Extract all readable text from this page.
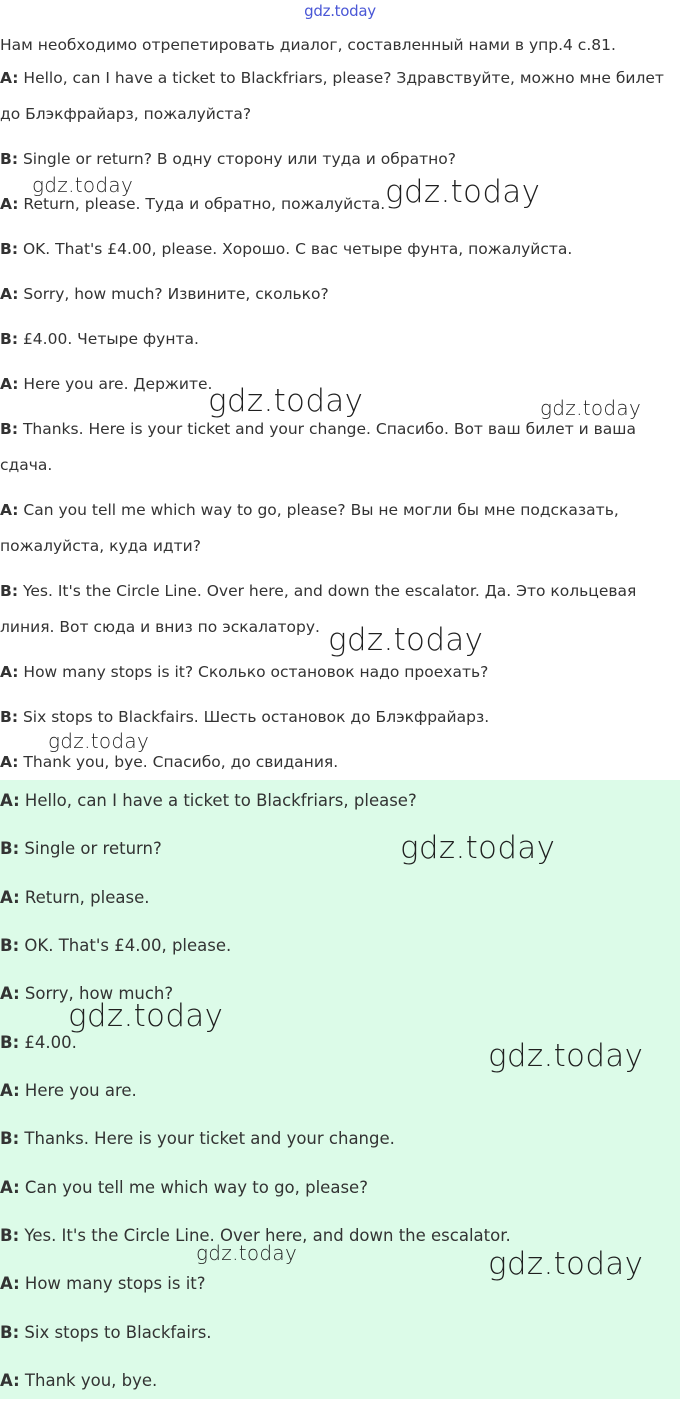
gdz.today
Нам необходимо отрепетировать диалог, составленный нами в упр.4 с.81.
A: Hello, can I have a ticket to Blackfriars, please? Здравствуйте, можно мне билет до Блэкфрайарз, пожалуйста?
B: Single or return? В одну сторону или туда и обратно?
A: Return, please. Туда и обратно, пожалуйста.
B: OK. That's £4.00, please. Хорошо. С вас четыре фунта, пожалуйста.
A: Sorry, how much? Извините, сколько?
B: £4.00. Четыре фунта.
A: Here you are. Держите.
B: Thanks. Here is your ticket and your change. Спасибо. Вот ваш билет и ваша сдача.
A: Can you tell me which way to go, please? Вы не могли бы мне подсказать, пожалуйста, куда идти?
B: Yes. It's the Circle Line. Over here, and down the escalator. Да. Это кольцевая линия. Вот сюда и вниз по эскалатору.
A: How many stops is it? Сколько остановок надо проехать?
B: Six stops to Blackfairs. Шесть остановок до Блэкфрайарз.
A: Thank you, bye. Спасибо, до свидания.
A: Hello, can I have a ticket to Blackfriars, please?
B: Single or return?
A: Return, please.
B: OK. That's £4.00, please.
A: Sorry, how much?
B: £4.00.
A: Here you are.
B: Thanks. Here is your ticket and your change.
A: Can you tell me which way to go, please?
B: Yes. It's the Circle Line. Over here, and down the escalator.
A: How many stops is it?
B: Six stops to Blackfairs.
A: Thank you, bye.
gdz.today	gdz.today
gdz.today	gdz.today
gdz.today
gdz.today
gdz.today
gdz.today
gdz.today
gdz.today	gdz.today
